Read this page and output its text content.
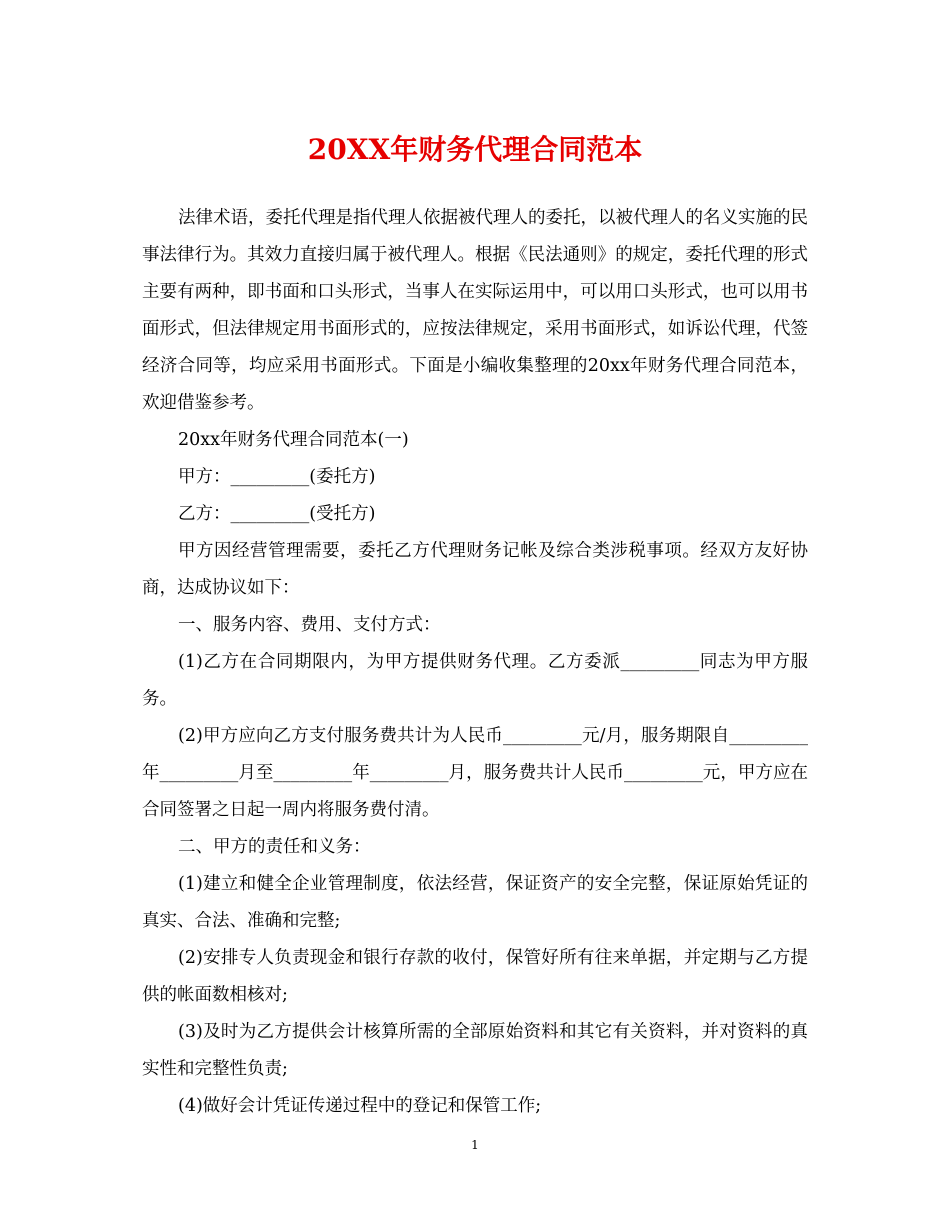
20XX年财务代理合同范本

法律术语，委托代理是指代理人依据被代理人的委托，以被代理人的名义实施的民事法律行为。其效力直接归属于被代理人。根据《民法通则》的规定，委托代理的形式主要有两种，即书面和口头形式，当事人在实际运用中，可以用口头形式，也可以用书面形式，但法律规定用书面形式的，应按法律规定，采用书面形式，如诉讼代理，代签经济合同等，均应采用书面形式。下面是小编收集整理的20xx年财务代理合同范本，欢迎借鉴参考。

20xx年财务代理合同范本(一)

甲方：_________(委托方)

乙方：_________(受托方)

甲方因经营管理需要，委托乙方代理财务记帐及综合类涉税事项。经双方友好协商，达成协议如下：

一、服务内容、费用、支付方式：

(1)乙方在合同期限内，为甲方提供财务代理。乙方委派_________同志为甲方服务。

(2)甲方应向乙方支付服务费共计为人民币_________元/月，服务期限自_________年_________月至_________年_________月，服务费共计人民币_________元，甲方应在合同签署之日起一周内将服务费付清。

二、甲方的责任和义务：

(1)建立和健全企业管理制度，依法经营，保证资产的安全完整，保证原始凭证的真实、合法、准确和完整;

(2)安排专人负责现金和银行存款的收付，保管好所有往来单据，并定期与乙方提供的帐面数相核对;

(3)及时为乙方提供会计核算所需的全部原始资料和其它有关资料，并对资料的真实性和完整性负责;

(4)做好会计凭证传递过程中的登记和保管工作;

1
